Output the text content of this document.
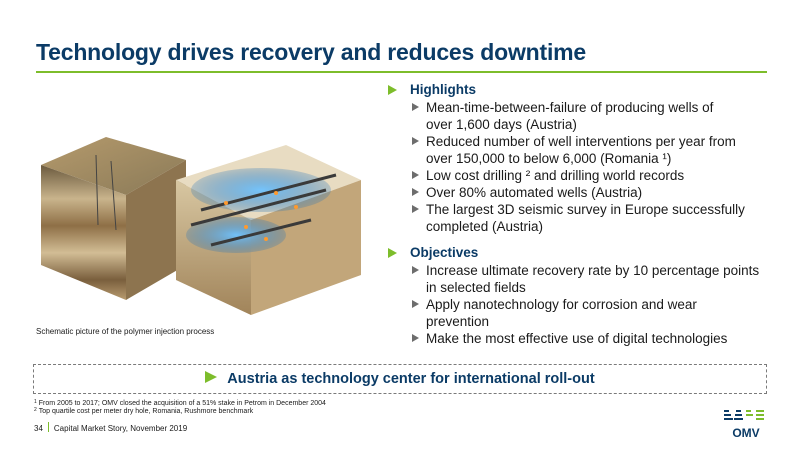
Technology drives recovery and reduces downtime
Schematic picture of the polymer injection process
Highlights
Mean-time-between-failure of producing wells of
over 1,600 days (Austria)
Reduced number of well interventions per year from
over 150,000 to below 6,000 (Romania ¹)
Low cost drilling ² and drilling world records
Over 80% automated wells (Austria)
The largest 3D seismic survey in Europe successfully
completed (Austria)
Objectives
Increase ultimate recovery rate by 10 percentage points
in selected fields
Apply nanotechnology for corrosion and wear
prevention
Make the most effective use of digital technologies
Austria as technology center for international roll-out
$^1$ From 2005 to 2017; OMV closed the acquisition of a 51% stake in Petrom in December 2004
$^2$ Top quartile cost per meter dry hole, Romania, Rushmore benchmark
34 Capital Market Story, November 2019	OMV
